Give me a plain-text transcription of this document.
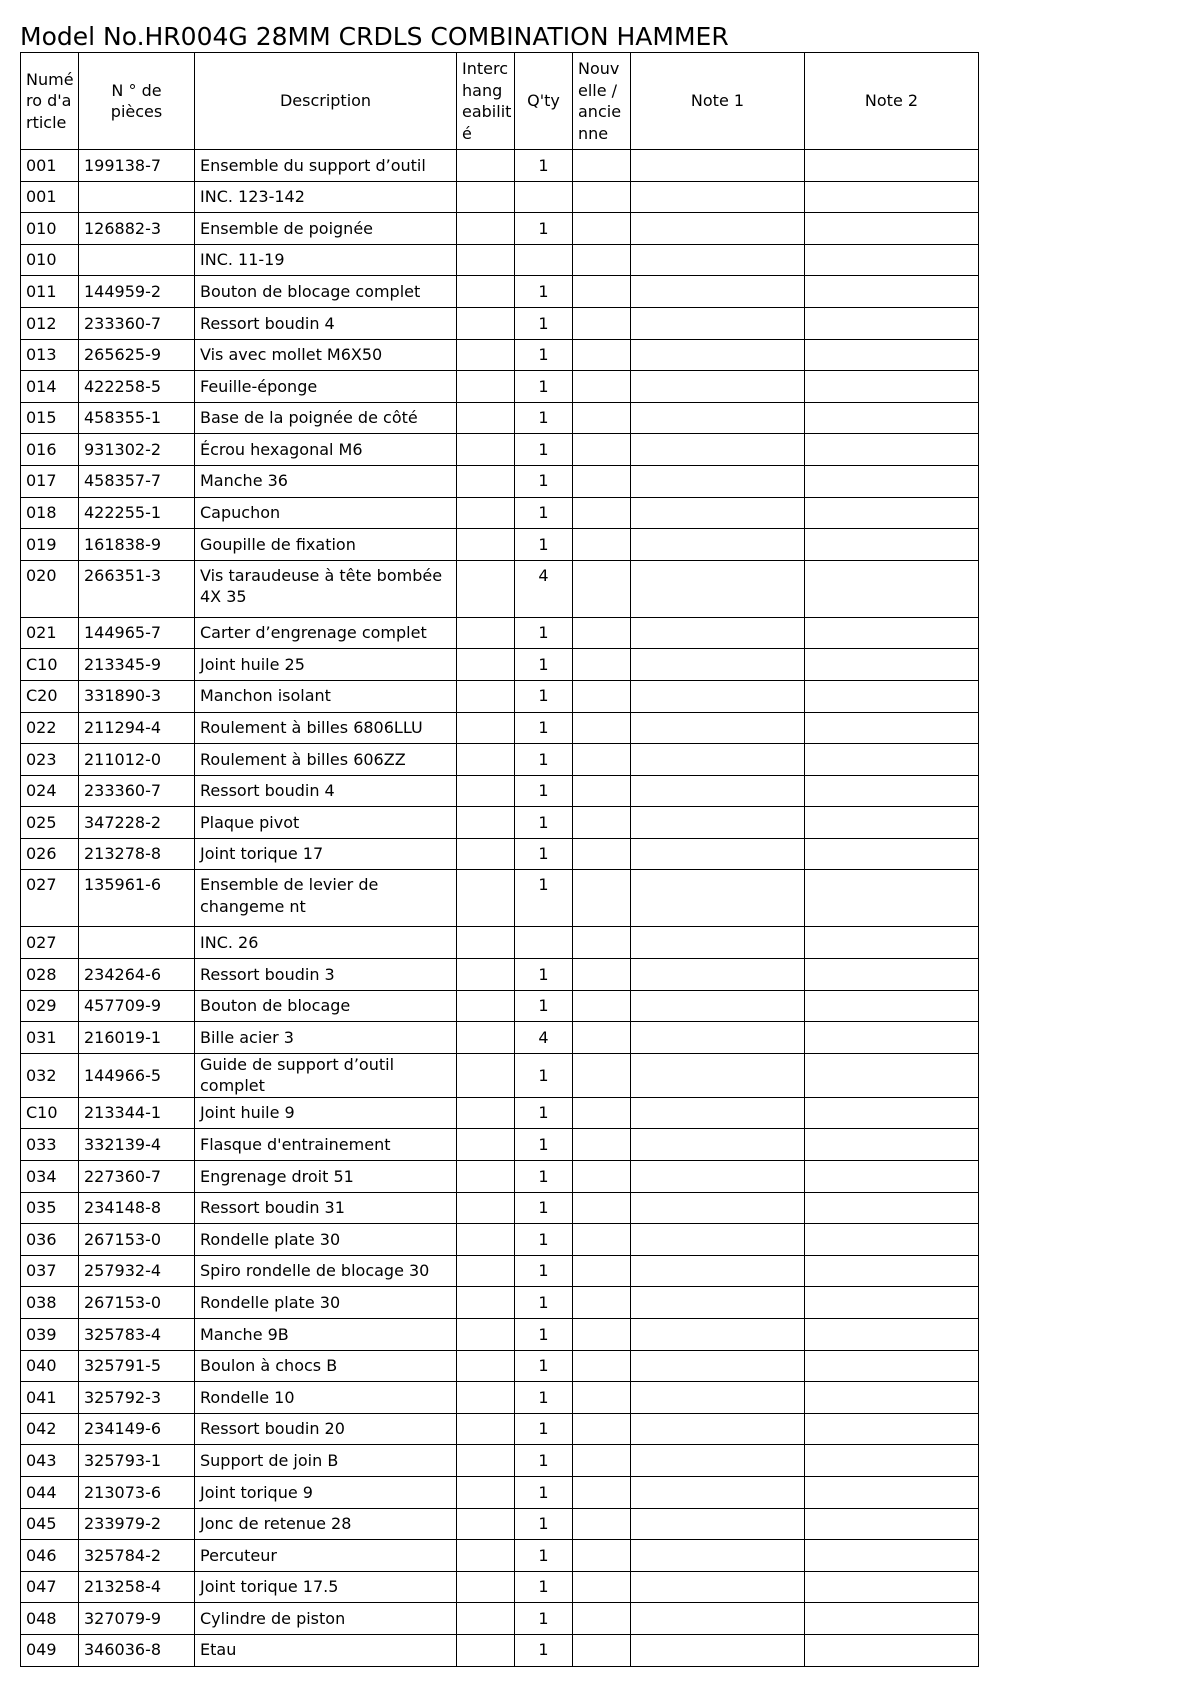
Model No.HR004G 28MM CRDLS COMBINATION HAMMER
Numé ro d'a rticle	N ° de pièces	Description	Interc hang eabilit é	Q'ty	Nouv elle / ancie nne	Note 1	Note 2
001	199138-7	Ensemble du support d’outil		1			
001		INC. 123-142					
010	126882-3	Ensemble de poignée		1			
010		INC. 11-19					
011	144959-2	Bouton de blocage complet		1			
012	233360-7	Ressort boudin 4		1			
013	265625-9	Vis avec mollet M6X50		1			
014	422258-5	Feuille-éponge		1			
015	458355-1	Base de la poignée de côté		1			
016	931302-2	Écrou hexagonal M6		1			
017	458357-7	Manche 36		1			
018	422255-1	Capuchon		1			
019	161838-9	Goupille de fixation		1			
020	266351-3	Vis taraudeuse à tête bombée 4X 35		4			
021	144965-7	Carter d’engrenage complet		1			
C10	213345-9	Joint huile 25		1			
C20	331890-3	Manchon isolant		1			
022	211294-4	Roulement à billes 6806LLU		1			
023	211012-0	Roulement à billes 606ZZ		1			
024	233360-7	Ressort boudin 4		1			
025	347228-2	Plaque pivot		1			
026	213278-8	Joint torique 17		1			
027	135961-6	Ensemble de levier de changeme nt		1			
027		INC. 26					
028	234264-6	Ressort boudin 3		1			
029	457709-9	Bouton de blocage		1			
031	216019-1	Bille acier 3		4			
032	144966-5	Guide de support d’outil complet		1			
C10	213344-1	Joint huile 9		1			
033	332139-4	Flasque d'entrainement		1			
034	227360-7	Engrenage droit 51		1			
035	234148-8	Ressort boudin 31		1			
036	267153-0	Rondelle plate 30		1			
037	257932-4	Spiro rondelle de blocage 30		1			
038	267153-0	Rondelle plate 30		1			
039	325783-4	Manche 9B		1			
040	325791-5	Boulon à chocs B		1			
041	325792-3	Rondelle 10		1			
042	234149-6	Ressort boudin 20		1			
043	325793-1	Support de join B		1			
044	213073-6	Joint torique 9		1			
045	233979-2	Jonc de retenue 28		1			
046	325784-2	Percuteur		1			
047	213258-4	Joint torique 17.5		1			
048	327079-9	Cylindre de piston		1			
049	346036-8	Etau		1			
